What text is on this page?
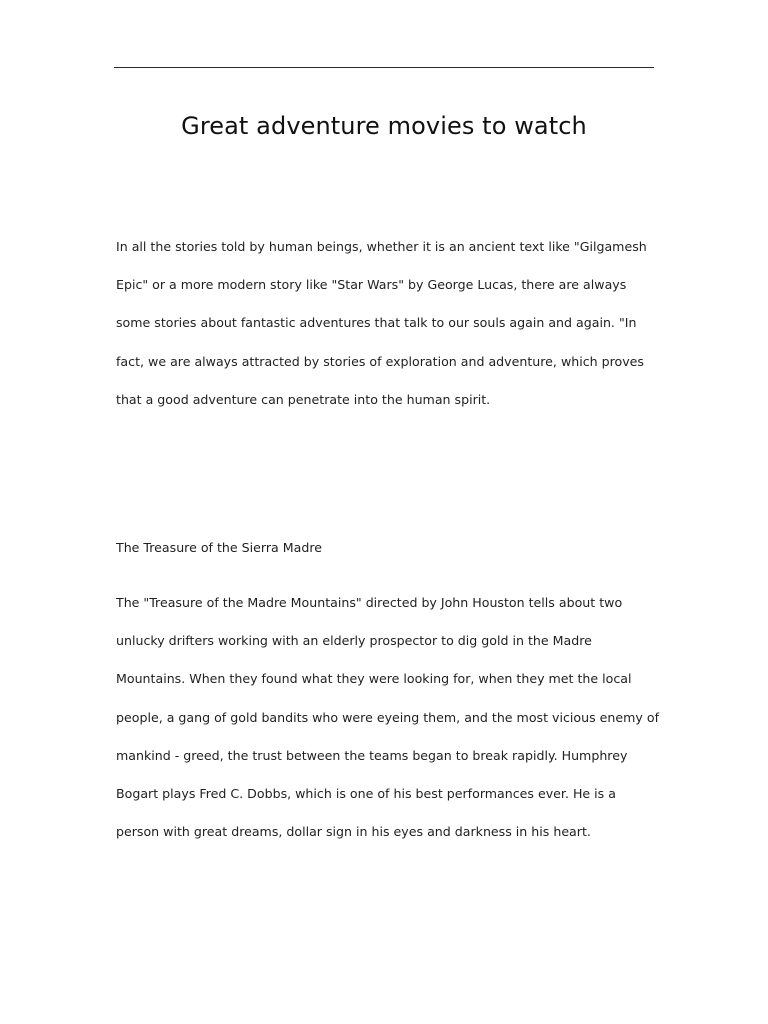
Great adventure movies to watch

In all the stories told by human beings, whether it is an ancient text like "Gilgamesh Epic" or a more modern story like "Star Wars" by George Lucas, there are always some stories about fantastic adventures that talk to our souls again and again. "In fact, we are always attracted by stories of exploration and adventure, which proves that a good adventure can penetrate into the human spirit.

The Treasure of the Sierra Madre

The "Treasure of the Madre Mountains" directed by John Houston tells about two unlucky drifters working with an elderly prospector to dig gold in the Madre Mountains. When they found what they were looking for, when they met the local people, a gang of gold bandits who were eyeing them, and the most vicious enemy of mankind - greed, the trust between the teams began to break rapidly. Humphrey Bogart plays Fred C. Dobbs, which is one of his best performances ever. He is a person with great dreams, dollar sign in his eyes and darkness in his heart.
